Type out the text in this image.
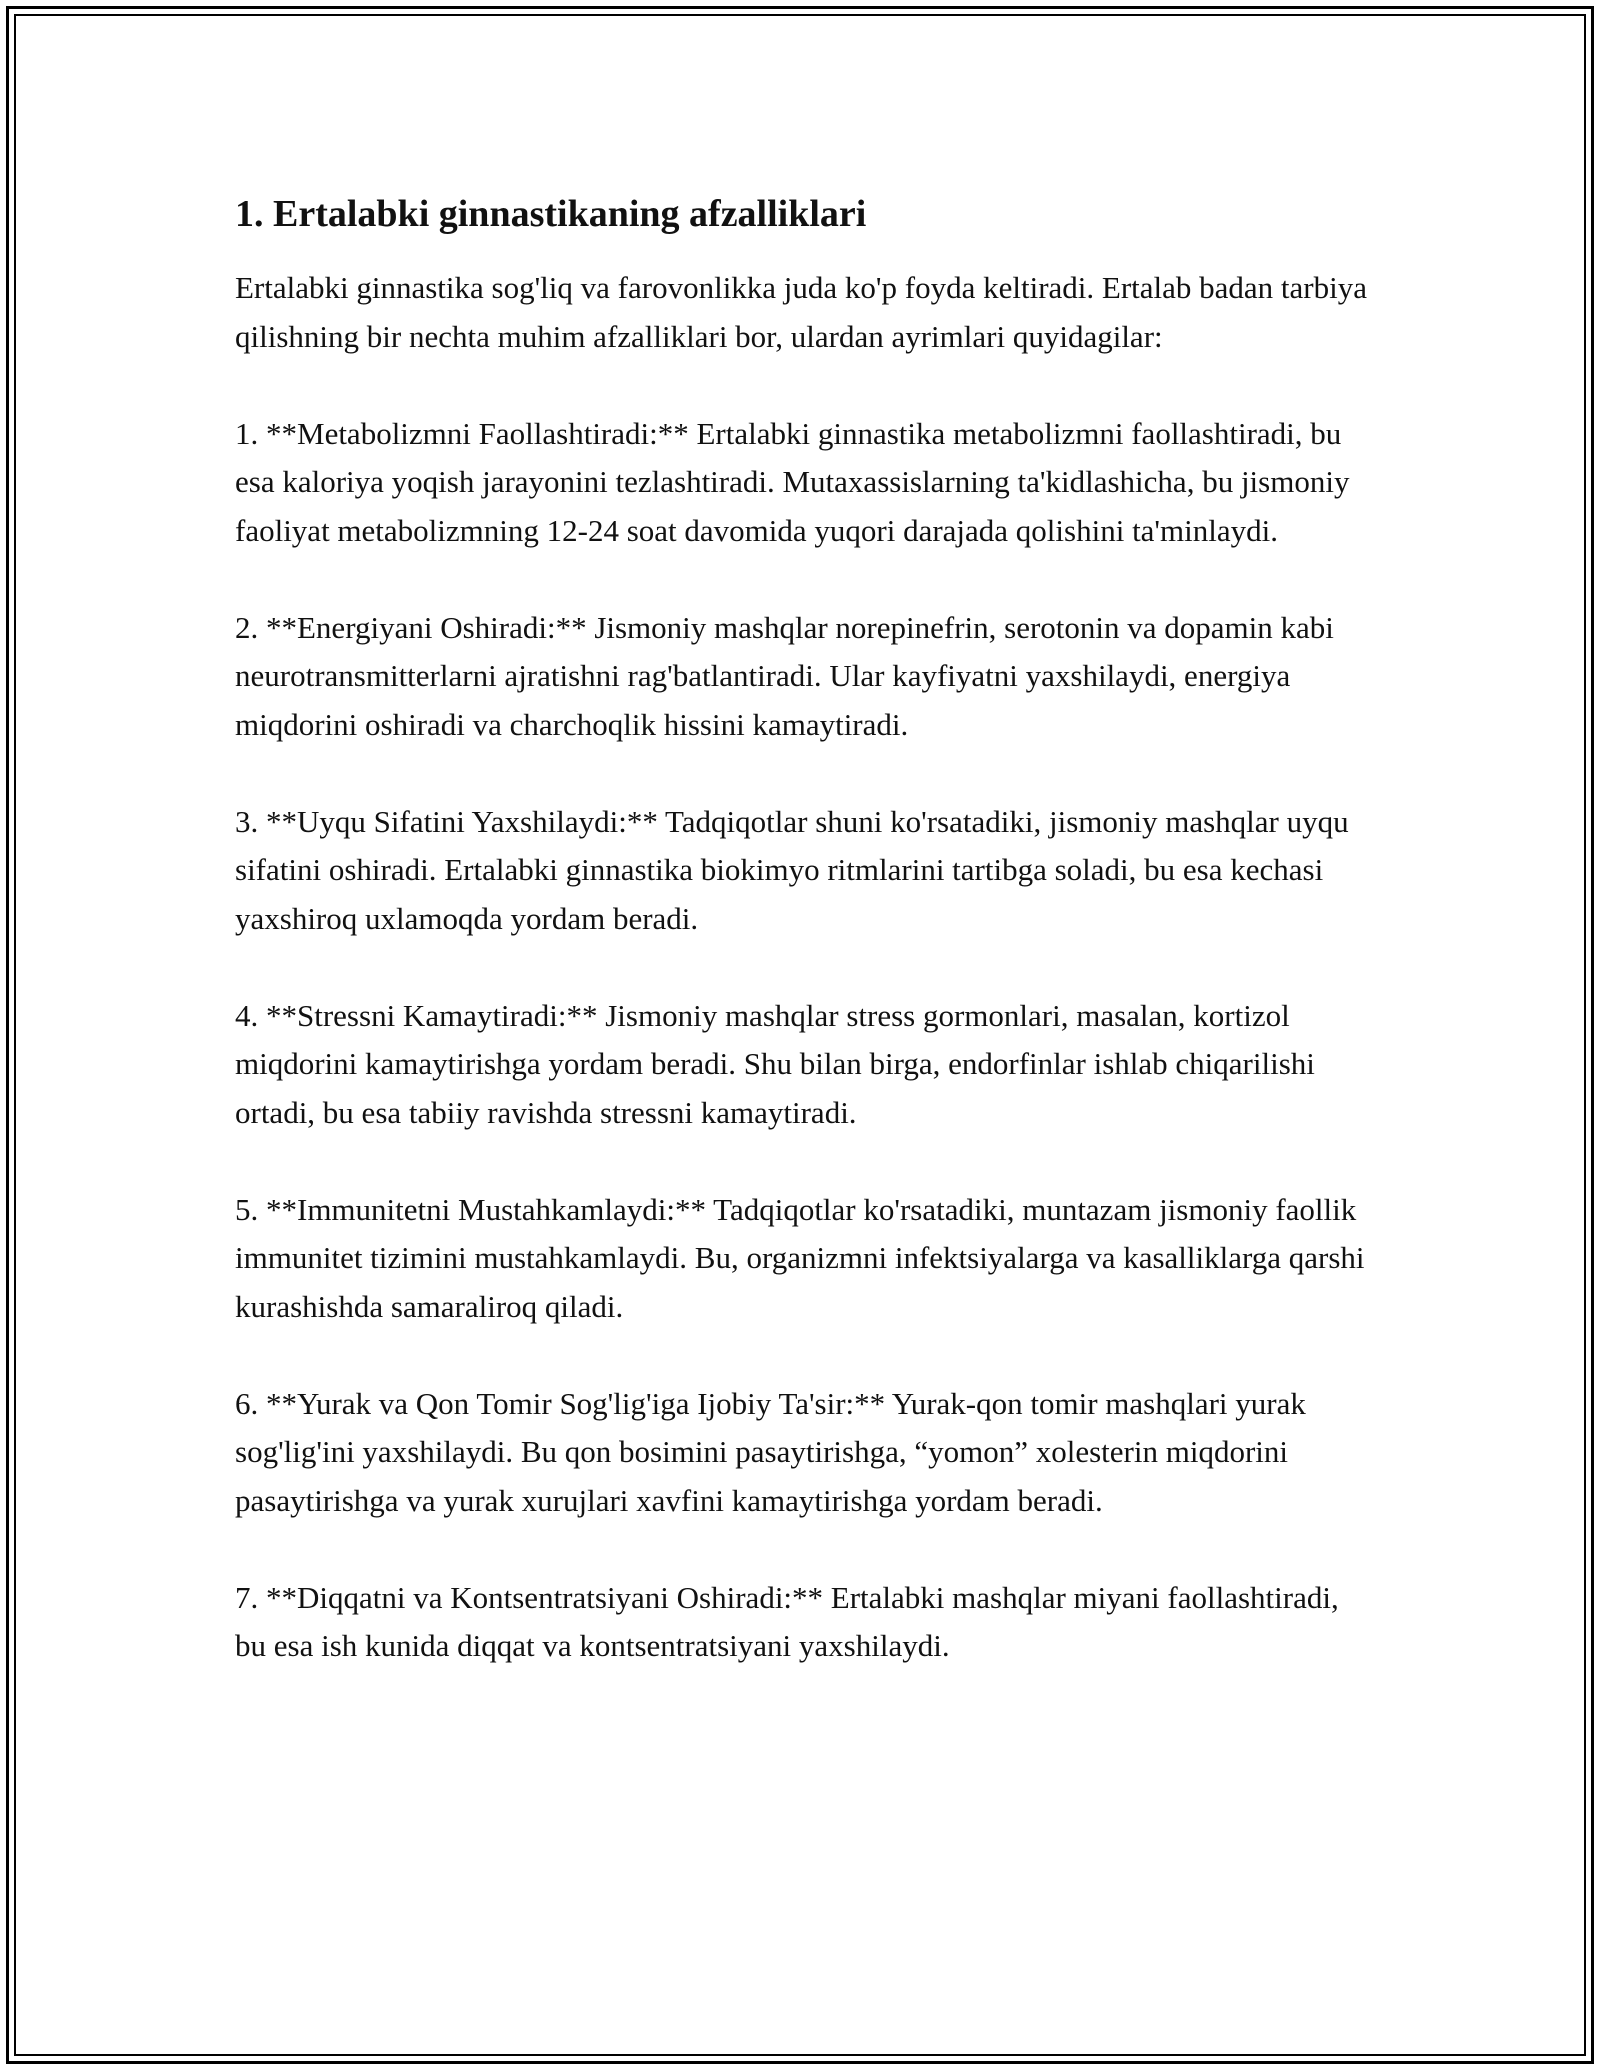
1. Ertalabki ginnastikaning afzalliklari

Ertalabki ginnastika sog'liq va farovonlikka juda ko'p foyda keltiradi. Ertalab badan tarbiya qilishning bir nechta muhim afzalliklari bor, ulardan ayrimlari quyidagilar:

1. **Metabolizmni Faollashtiradi:** Ertalabki ginnastika metabolizmni faollashtiradi, bu esa kaloriya yoqish jarayonini tezlashtiradi. Mutaxassislarning ta'kidlashicha, bu jismoniy faoliyat metabolizmning 12-24 soat davomida yuqori darajada qolishini ta'minlaydi.

2. **Energiyani Oshiradi:** Jismoniy mashqlar norepinefrin, serotonin va dopamin kabi neurotransmitterlarni ajratishni rag'batlantiradi. Ular kayfiyatni yaxshilaydi, energiya miqdorini oshiradi va charchoqlik hissini kamaytiradi.

3. **Uyqu Sifatini Yaxshilaydi:** Tadqiqotlar shuni ko'rsatadiki, jismoniy mashqlar uyqu sifatini oshiradi. Ertalabki ginnastika biokimyo ritmlarini tartibga soladi, bu esa kechasi yaxshiroq uxlamoqda yordam beradi.

4. **Stressni Kamaytiradi:** Jismoniy mashqlar stress gormonlari, masalan, kortizol miqdorini kamaytirishga yordam beradi. Shu bilan birga, endorfinlar ishlab chiqarilishi ortadi, bu esa tabiiy ravishda stressni kamaytiradi.

5. **Immunitetni Mustahkamlaydi:** Tadqiqotlar ko'rsatadiki, muntazam jismoniy faollik immunitet tizimini mustahkamlaydi. Bu, organizmni infektsiyalarga va kasalliklarga qarshi kurashishda samaraliroq qiladi.

6. **Yurak va Qon Tomir Sog'lig'iga Ijobiy Ta'sir:** Yurak-qon tomir mashqlari yurak sog'lig'ini yaxshilaydi. Bu qon bosimini pasaytirishga, “yomon” xolesterin miqdorini pasaytirishga va yurak xurujlari xavfini kamaytirishga yordam beradi.

7. **Diqqatni va Kontsentratsiyani Oshiradi:** Ertalabki mashqlar miyani faollashtiradi, bu esa ish kunida diqqat va kontsentratsiyani yaxshilaydi.
